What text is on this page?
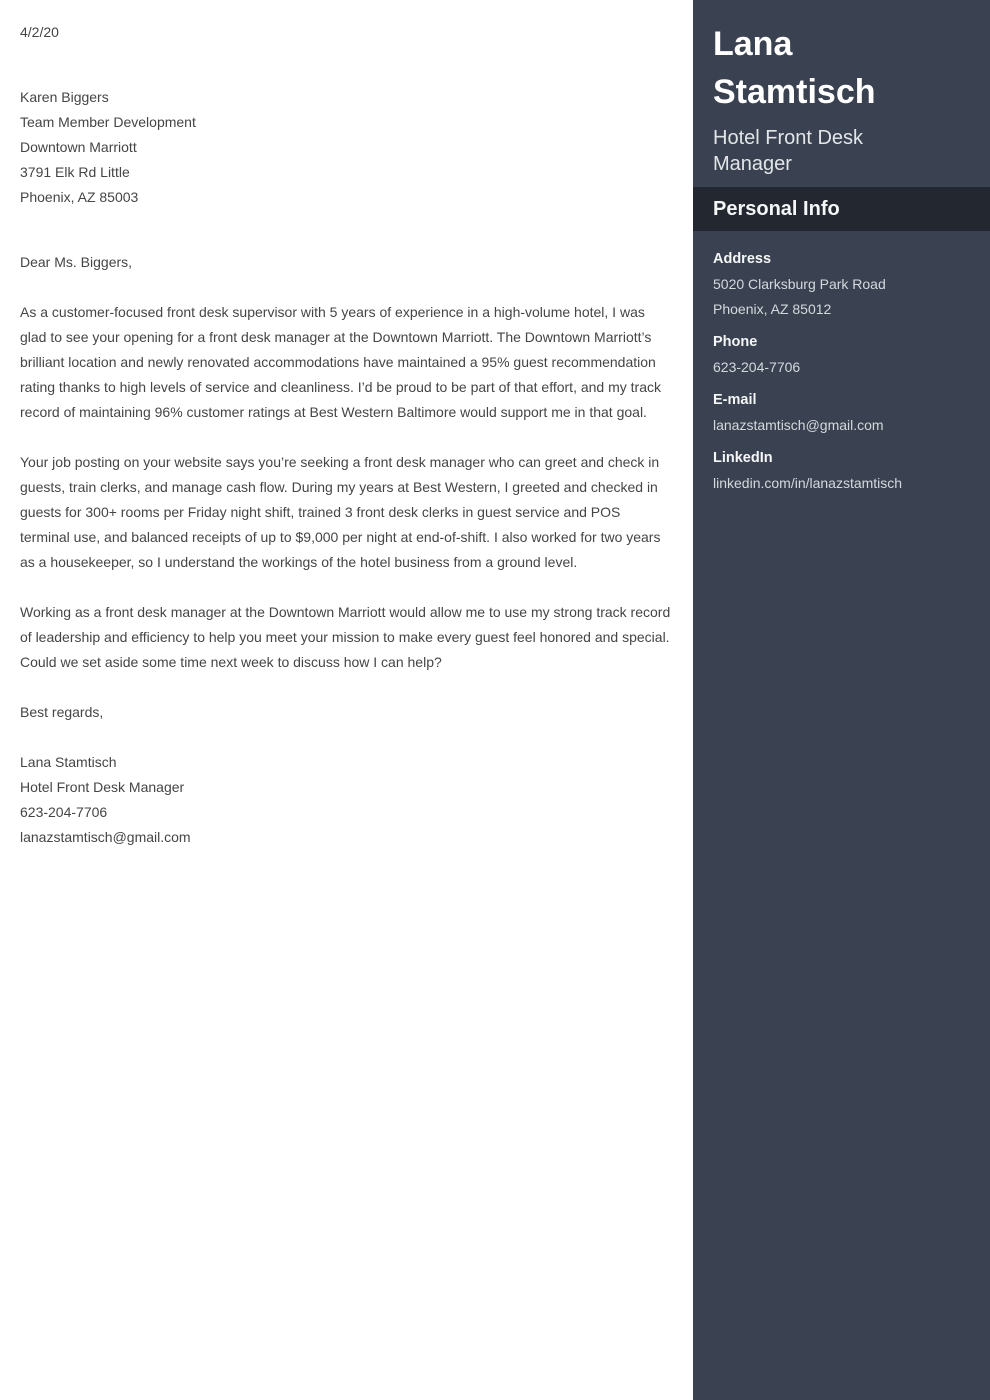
4/2/20
Karen Biggers
Team Member Development
Downtown Marriott
3791 Elk Rd Little
Phoenix, AZ 85003
Dear Ms. Biggers,
As a customer-focused front desk supervisor with 5 years of experience in a high-volume hotel, I was glad to see your opening for a front desk manager at the Downtown Marriott. The Downtown Marriott’s brilliant location and newly renovated accommodations have maintained a 95% guest recommendation rating thanks to high levels of service and cleanliness. I’d be proud to be part of that effort, and my track record of maintaining 96% customer ratings at Best Western Baltimore would support me in that goal.
Your job posting on your website says you’re seeking a front desk manager who can greet and check in guests, train clerks, and manage cash flow. During my years at Best Western, I greeted and checked in guests for 300+ rooms per Friday night shift, trained 3 front desk clerks in guest service and POS terminal use, and balanced receipts of up to $9,000 per night at end-of-shift. I also worked for two years as a housekeeper, so I understand the workings of the hotel business from a ground level.
Working as a front desk manager at the Downtown Marriott would allow me to use my strong track record of leadership and efficiency to help you meet your mission to make every guest feel honored and special. Could we set aside some time next week to discuss how I can help?
Best regards,
Lana Stamtisch
Hotel Front Desk Manager
623-204-7706
lanazstamtisch@gmail.com
Lana Stamtisch
Hotel Front Desk Manager
Personal Info
Address
5020 Clarksburg Park Road
Phoenix, AZ 85012
Phone
623-204-7706
E-mail
lanazstamtisch@gmail.com
LinkedIn
linkedin.com/in/lanazstamtisch
